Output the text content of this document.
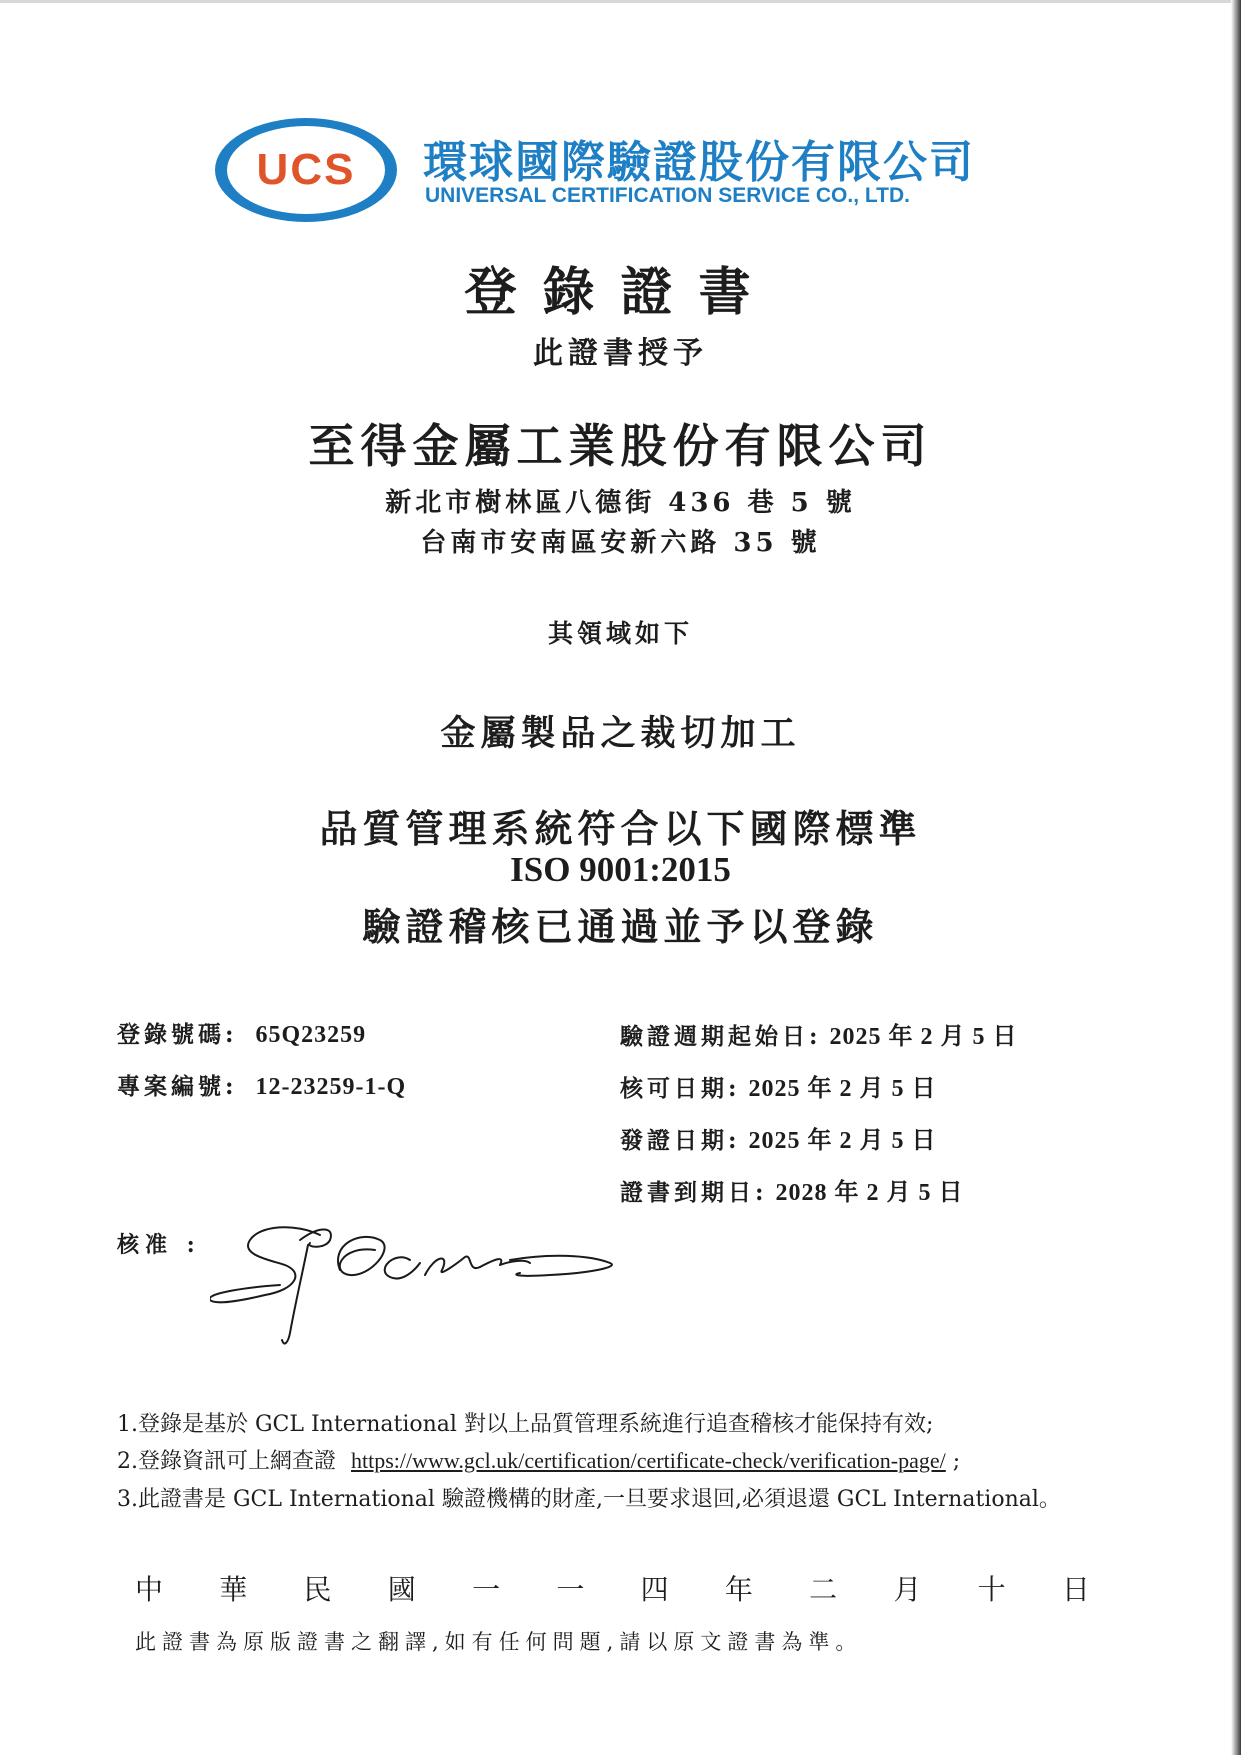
UCS 環球國際驗證股份有限公司
UNIVERSAL CERTIFICATION SERVICE CO., LTD.
登錄證書
此證書授予
至得金屬工業股份有限公司
新北市樹林區八德街 436 巷 5 號
台南市安南區安新六路 35 號
其領域如下
金屬製品之裁切加工
品質管理系統符合以下國際標準
ISO 9001:2015
驗證稽核已通過並予以登錄
登錄號碼: 65Q23259
專案編號: 12-23259-1-Q
驗證週期起始日: 2025 年 2 月 5 日
核可日期: 2025 年 2 月 5 日
發證日期: 2025 年 2 月 5 日
證書到期日: 2028 年 2 月 5 日
核准 :
1.登錄是基於 GCL International 對以上品質管理系統進行追查稽核才能保持有效;
2.登錄資訊可上網查證 https://www.gcl.uk/certification/certificate-check/verification-page/ ;
3.此證書是 GCL International 驗證機構的財產,一旦要求退回,必須退還 GCL International。
中 華 民 國 一 一 四 年 二 月 十 日
此證書為原版證書之翻譯,如有任何問題,請以原文證書為準。
